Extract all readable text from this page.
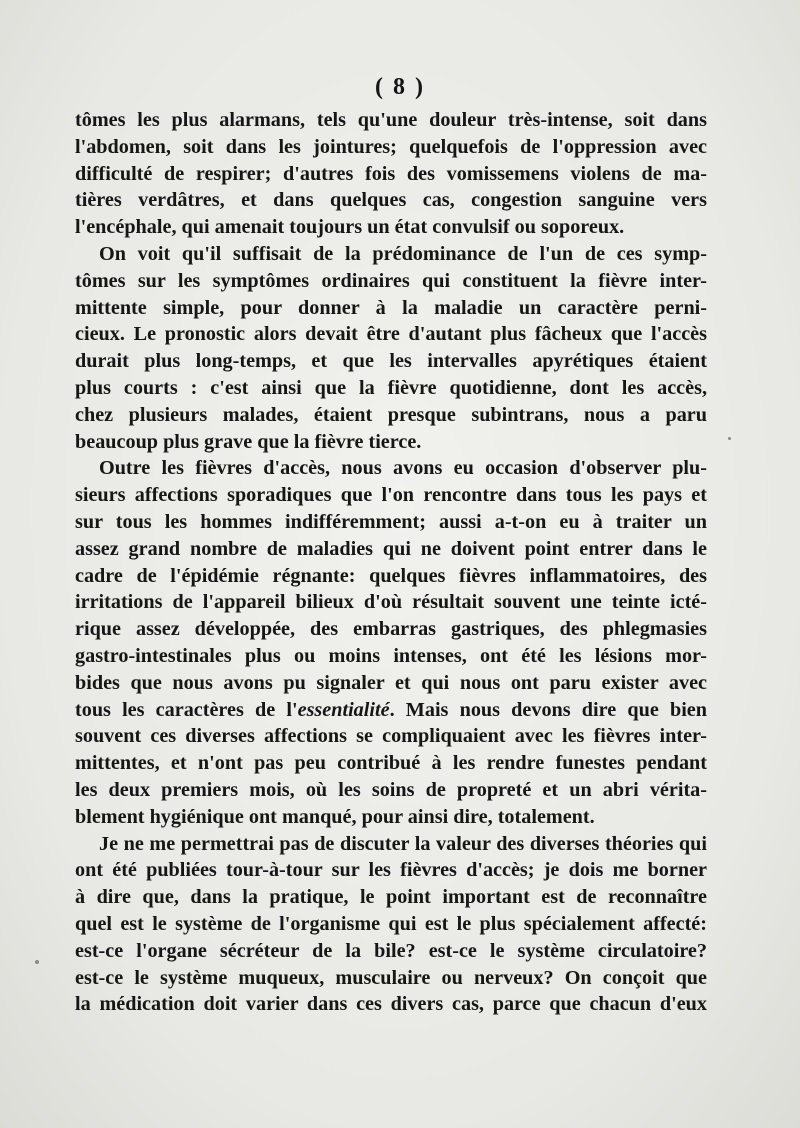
( 8 )
tômes les plus alarmans, tels qu'une douleur très-intense, soit dans
l'abdomen, soit dans les jointures; quelquefois de l'oppression avec
difficulté de respirer; d'autres fois des vomissemens violens de ma-
tières verdâtres, et dans quelques cas, congestion sanguine vers
l'encéphale, qui amenait toujours un état convulsif ou soporeux.
On voit qu'il suffisait de la prédominance de l'un de ces symp-
tômes sur les symptômes ordinaires qui constituent la fièvre inter-
mittente simple, pour donner à la maladie un caractère perni-
cieux. Le pronostic alors devait être d'autant plus fâcheux que l'accès
durait plus long-temps, et que les intervalles apyrétiques étaient
plus courts : c'est ainsi que la fièvre quotidienne, dont les accès,
chez plusieurs malades, étaient presque subintrans, nous a paru
beaucoup plus grave que la fièvre tierce.
Outre les fièvres d'accès, nous avons eu occasion d'observer plu-
sieurs affections sporadiques que l'on rencontre dans tous les pays et
sur tous les hommes indifféremment; aussi a-t-on eu à traiter un
assez grand nombre de maladies qui ne doivent point entrer dans le
cadre de l'épidémie régnante: quelques fièvres inflammatoires, des
irritations de l'appareil bilieux d'où résultait souvent une teinte icté-
rique assez développée, des embarras gastriques, des phlegmasies
gastro-intestinales plus ou moins intenses, ont été les lésions mor-
bides que nous avons pu signaler et qui nous ont paru exister avec
tous les caractères de l'essentialité. Mais nous devons dire que bien
souvent ces diverses affections se compliquaient avec les fièvres inter-
mittentes, et n'ont pas peu contribué à les rendre funestes pendant
les deux premiers mois, où les soins de propreté et un abri vérita-
blement hygiénique ont manqué, pour ainsi dire, totalement.
Je ne me permettrai pas de discuter la valeur des diverses théories qui
ont été publiées tour-à-tour sur les fièvres d'accès; je dois me borner
à dire que, dans la pratique, le point important est de reconnaître
quel est le système de l'organisme qui est le plus spécialement affecté:
est-ce l'organe sécréteur de la bile? est-ce le système circulatoire?
est-ce le système muqueux, musculaire ou nerveux? On conçoit que
la médication doit varier dans ces divers cas, parce que chacun d'eux
